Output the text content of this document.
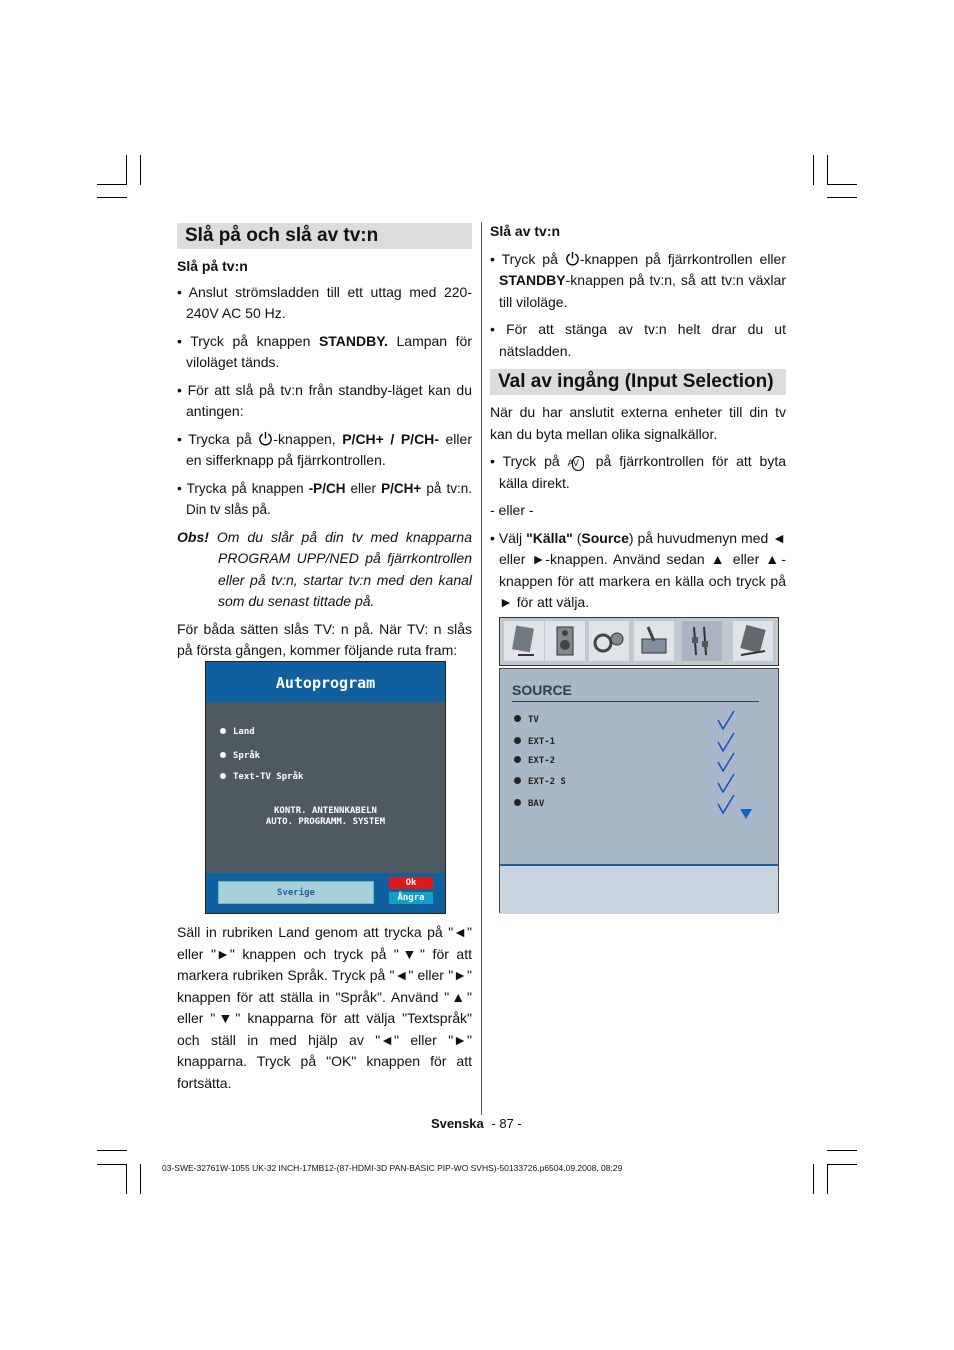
Slå på och slå av tv:n
Slå på tv:n

• Anslut strömsladden till ett uttag med 220-240V AC 50 Hz.

• Tryck på knappen STANDBY. Lampan för viloläget tänds.

• För att slå på tv:n från standby-läget kan du antingen:

• Trycka på -knappen, P/CH+ / P/CH- eller en sifferknapp på fjärrkontrollen.

• Trycka på knappen -P/CH eller P/CH+ på tv:n. Din tv slås på.

Obs! Om du slår på din tv med knapparna PROGRAM UPP/NED på fjärrkontrollen eller på tv:n, startar tv:n med den kanal som du senast tittade på.

För båda sätten slås TV: n på. När TV: n slås på första gången, kommer följande ruta fram:

Autoprogram
Land
Språk
Text-TV Språk
KONTR. ANTENNKABELN
AUTO. PROGRAMM. SYSTEM
Sverige
Ok
Ångra

Säll in rubriken Land genom att trycka på "◄" eller "►" knappen och tryck på "▼" för att markera rubriken Språk. Tryck på "◄" eller "►" knappen för att ställa in "Språk". Använd "▲" eller "▼" knapparna för att välja "Textspråk" och ställ in med hjälp av "◄" eller "►" knapparna. Tryck på "OK" knappen för att fortsätta.

Slå av tv:n

• Tryck på -knappen på fjärrkontrollen eller STANDBY-knappen på tv:n, så att tv:n växlar till viloläge.

• För att stänga av tv:n helt drar du ut nätsladden.

Val av ingång (Input Selection)

När du har anslutit externa enheter till din tv kan du byta mellan olika signalkällor.

• Tryck på AV på fjärrkontrollen för att byta källa direkt.

- eller -

• Välj "Källa" (Source) på huvudmenyn med ◄ eller ►-knappen. Använd sedan ▲ eller ▲-knappen för att markera en källa och tryck på ► för att välja.

SOURCE
TV
EXT-1
EXT-2
EXT-2 S
BAV
Svenska - 87 -
03-SWE-32761W-1055 UK-32 INCH-17MB12-(87-HDMI-3D PAN-BASIC PIP-WO SVHS)-50133726.p6504.09.2008, 08:29
